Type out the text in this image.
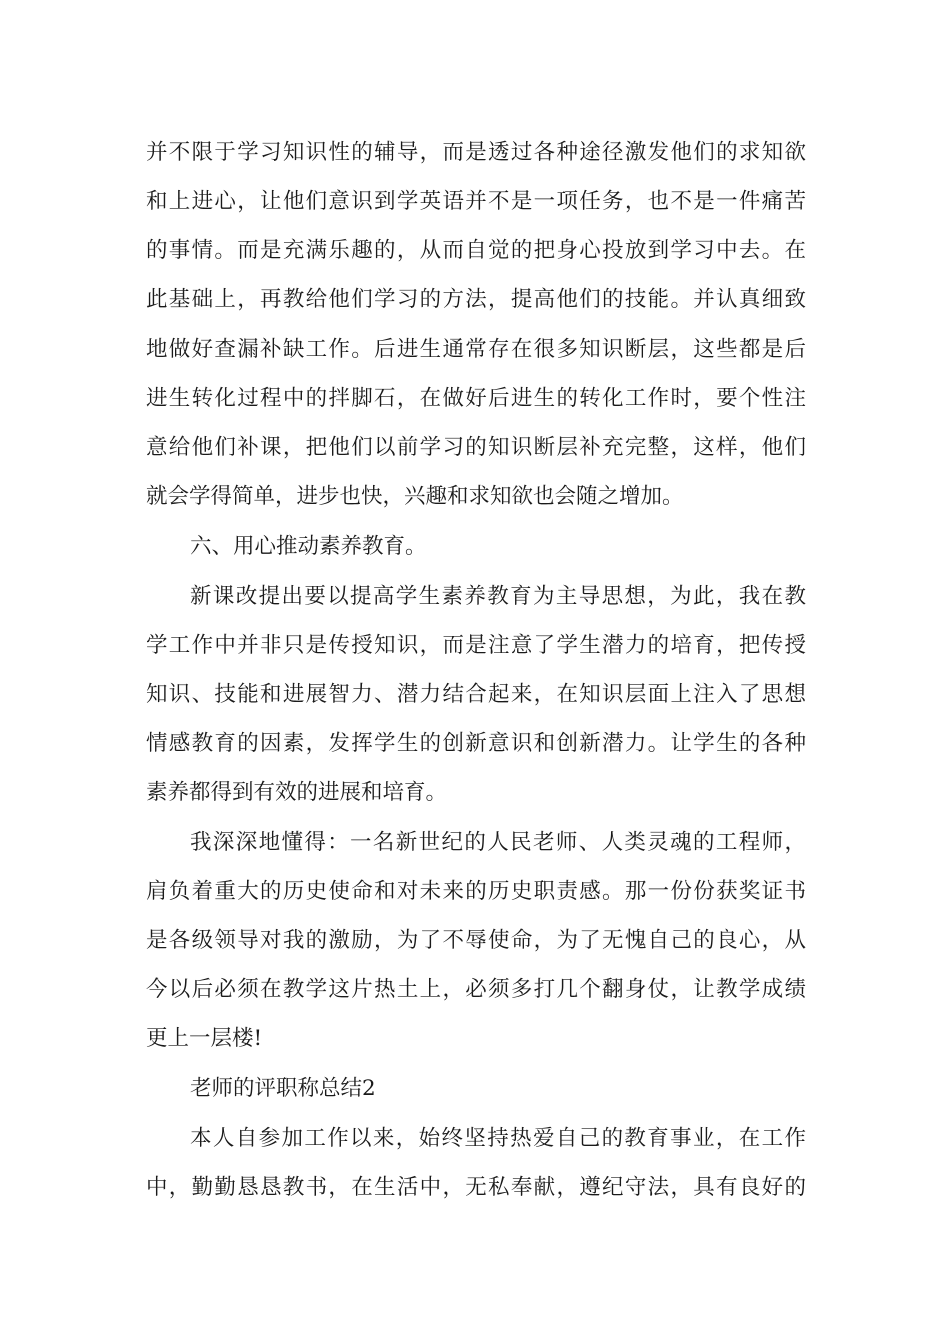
并不限于学习知识性的辅导，而是透过各种途径激发他们的求知欲
和上进心，让他们意识到学英语并不是一项任务，也不是一件痛苦
的事情。而是充满乐趣的，从而自觉的把身心投放到学习中去。在
此基础上，再教给他们学习的方法，提高他们的技能。并认真细致
地做好查漏补缺工作。后进生通常存在很多知识断层，这些都是后
进生转化过程中的拌脚石，在做好后进生的转化工作时，要个性注
意给他们补课，把他们以前学习的知识断层补充完整，这样，他们
就会学得简单，进步也快，兴趣和求知欲也会随之增加。
六、用心推动素养教育。
新课改提出要以提高学生素养教育为主导思想，为此，我在教
学工作中并非只是传授知识，而是注意了学生潜力的培育，把传授
知识、技能和进展智力、潜力结合起来，在知识层面上注入了思想
情感教育的因素，发挥学生的创新意识和创新潜力。让学生的各种
素养都得到有效的进展和培育。
我深深地懂得：一名新世纪的人民老师、人类灵魂的工程师，
肩负着重大的历史使命和对未来的历史职责感。那一份份获奖证书
是各级领导对我的激励，为了不辱使命，为了无愧自己的良心，从
今以后必须在教学这片热土上，必须多打几个翻身仗，让教学成绩
更上一层楼!
老师的评职称总结2
本人自参加工作以来，始终坚持热爱自己的教育事业，在工作
中，勤勤恳恳教书，在生活中，无私奉献，遵纪守法，具有良好的
